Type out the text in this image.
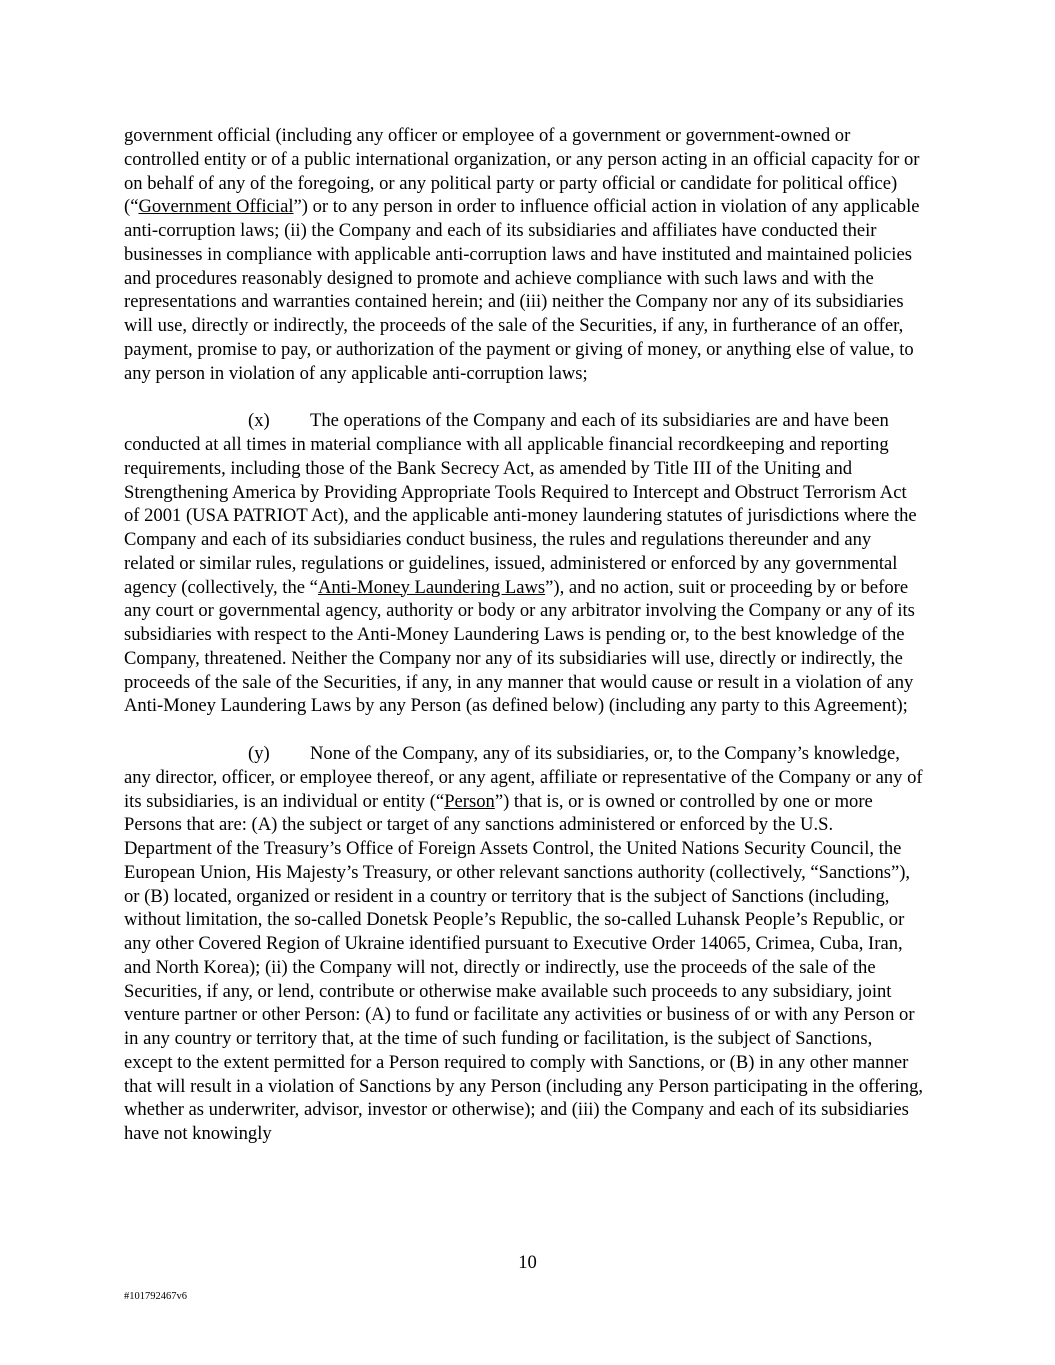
government official (including any officer or employee of a government or government-owned or controlled entity or of a public international organization, or any person acting in an official capacity for or on behalf of any of the foregoing, or any political party or party official or candidate for political office) (“Government Official”) or to any person in order to influence official action in violation of any applicable anti-corruption laws; (ii) the Company and each of its subsidiaries and affiliates have conducted their businesses in compliance with applicable anti-corruption laws and have instituted and maintained policies and procedures reasonably designed to promote and achieve compliance with such laws and with the representations and warranties contained herein; and (iii) neither the Company nor any of its subsidiaries will use, directly or indirectly, the proceeds of the sale of the Securities, if any, in furtherance of an offer, payment, promise to pay, or authorization of the payment or giving of money, or anything else of value, to any person in violation of any applicable anti-corruption laws;

(x) The operations of the Company and each of its subsidiaries are and have been conducted at all times in material compliance with all applicable financial recordkeeping and reporting requirements, including those of the Bank Secrecy Act, as amended by Title III of the Uniting and Strengthening America by Providing Appropriate Tools Required to Intercept and Obstruct Terrorism Act of 2001 (USA PATRIOT Act), and the applicable anti-money laundering statutes of jurisdictions where the Company and each of its subsidiaries conduct business, the rules and regulations thereunder and any related or similar rules, regulations or guidelines, issued, administered or enforced by any governmental agency (collectively, the “Anti-Money Laundering Laws”), and no action, suit or proceeding by or before any court or governmental agency, authority or body or any arbitrator involving the Company or any of its subsidiaries with respect to the Anti-Money Laundering Laws is pending or, to the best knowledge of the Company, threatened. Neither the Company nor any of its subsidiaries will use, directly or indirectly, the proceeds of the sale of the Securities, if any, in any manner that would cause or result in a violation of any Anti-Money Laundering Laws by any Person (as defined below) (including any party to this Agreement);

(y) None of the Company, any of its subsidiaries, or, to the Company’s knowledge, any director, officer, or employee thereof, or any agent, affiliate or representative of the Company or any of its subsidiaries, is an individual or entity (“Person”) that is, or is owned or controlled by one or more Persons that are: (A) the subject or target of any sanctions administered or enforced by the U.S. Department of the Treasury’s Office of Foreign Assets Control, the United Nations Security Council, the European Union, His Majesty’s Treasury, or other relevant sanctions authority (collectively, “Sanctions”), or (B) located, organized or resident in a country or territory that is the subject of Sanctions (including, without limitation, the so-called Donetsk People’s Republic, the so-called Luhansk People’s Republic, or any other Covered Region of Ukraine identified pursuant to Executive Order 14065, Crimea, Cuba, Iran, and North Korea); (ii) the Company will not, directly or indirectly, use the proceeds of the sale of the Securities, if any, or lend, contribute or otherwise make available such proceeds to any subsidiary, joint venture partner or other Person: (A) to fund or facilitate any activities or business of or with any Person or in any country or territory that, at the time of such funding or facilitation, is the subject of Sanctions, except to the extent permitted for a Person required to comply with Sanctions, or (B) in any other manner that will result in a violation of Sanctions by any Person (including any Person participating in the offering, whether as underwriter, advisor, investor or otherwise); and (iii) the Company and each of its subsidiaries have not knowingly

10
#101792467v6
